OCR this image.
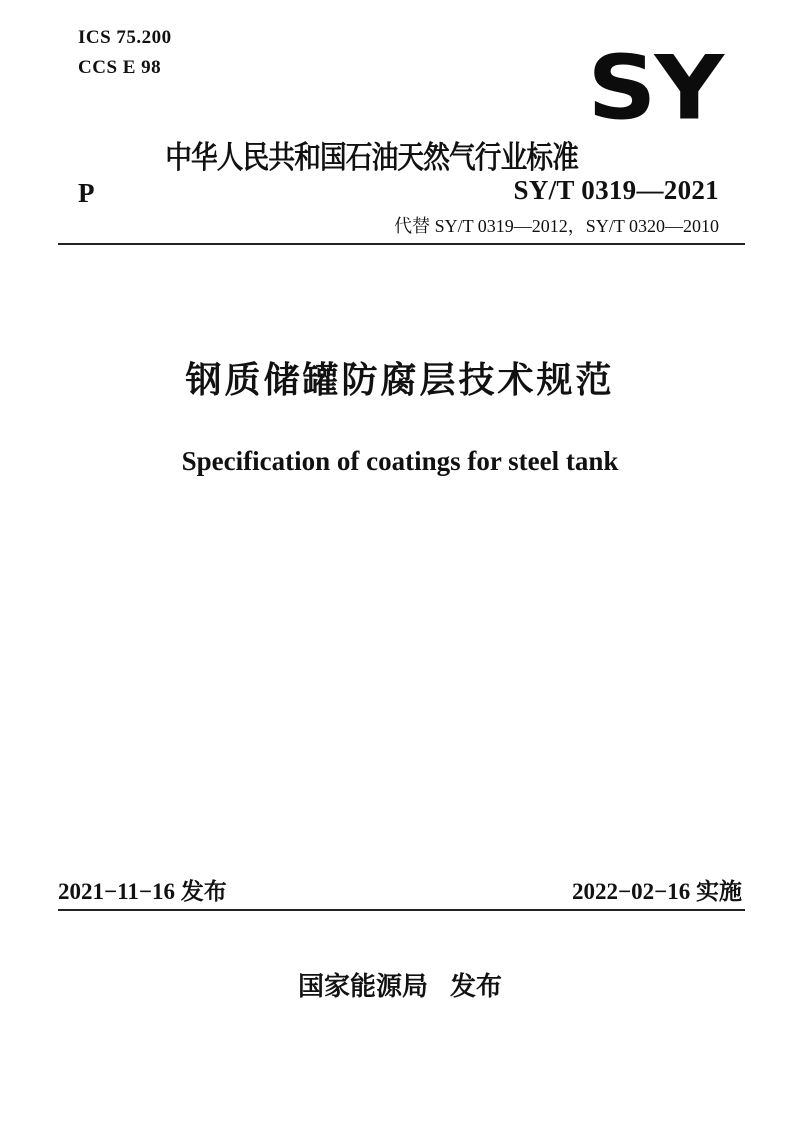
ICS 75.200
CCS E 98	SY
中华人民共和国石油天然气行业标准
P	SY/T 0319—2021
代替 SY/T 0319—2012，SY/T 0320—2010
钢质储罐防腐层技术规范
Specification of coatings for steel tank
2021−11−16 发布	2022−02−16 实施
国家能源局 发布
